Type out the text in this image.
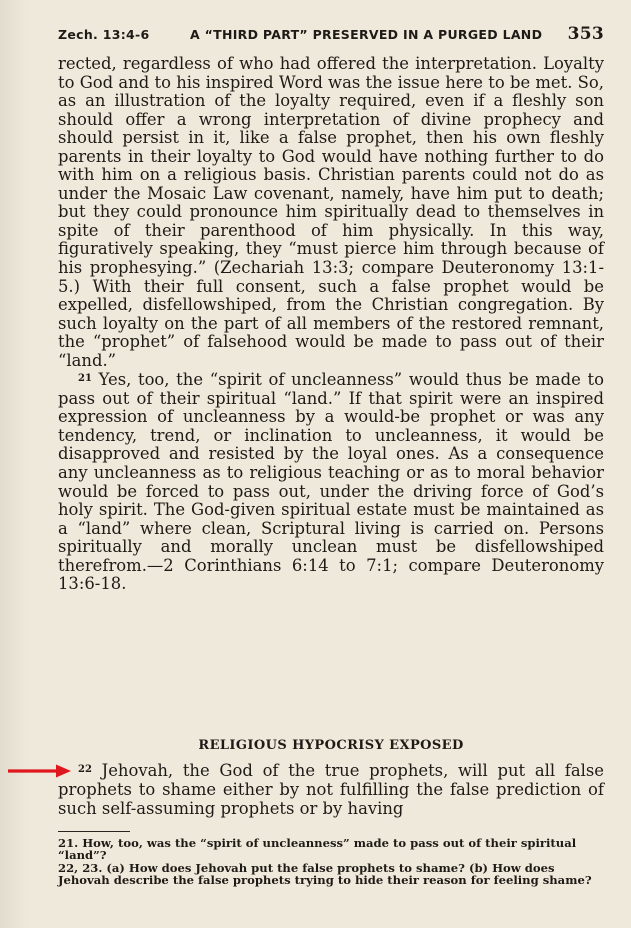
Zech. 13:4-6	A “THIRD PART” PRESERVED IN A PURGED LAND 353

rected, regardless of who had offered the interpretation. Loyalty to God and to his inspired Word was the issue here to be met. So, as an illustration of the loyalty required, even if a fleshly son should offer a wrong interpretation of divine prophecy and should persist in it, like a false prophet, then his own fleshly parents in their loyalty to God would have nothing further to do with him on a religious basis. Christian parents could not do as under the Mosaic Law covenant, namely, have him put to death; but they could pronounce him spiritually dead to themselves in spite of their parenthood of him physically. In this way, figuratively speaking, they “must pierce him through because of his prophesying.” (Zechariah 13:3; compare Deuteronomy 13:1-5.) With their full consent, such a false prophet would be expelled, disfellowshiped, from the Christian congregation. By such loyalty on the part of all members of the restored remnant, the “prophet” of falsehood would be made to pass out of their “land.”

$^{21}$ Yes, too, the “spirit of uncleanness” would thus be made to pass out of their spiritual “land.” If that spirit were an inspired expression of uncleanness by a would-be prophet or was any tendency, trend, or inclination to uncleanness, it would be disapproved and resisted by the loyal ones. As a consequence any uncleanness as to religious teaching or as to moral behavior would be forced to pass out, under the driving force of God’s holy spirit. The God-given spiritual estate must be maintained as a “land” where clean, Scriptural living is carried on. Persons spiritually and morally unclean must be disfellowshiped therefrom.—2 Corinthians 6:14 to 7:1; compare Deuteronomy 13:6-18.

RELIGIOUS HYPOCRISY EXPOSED

$^{22}$ Jehovah, the God of the true prophets, will put all false prophets to shame either by not fulfilling the false prediction of such self-assuming prophets or by having

21. How, too, was the “spirit of uncleanness” made to pass out of their spiritual “land”?

22, 23. (a) How does Jehovah put the false prophets to shame? (b) How does Jehovah describe the false prophets trying to hide their reason for feeling shame?
